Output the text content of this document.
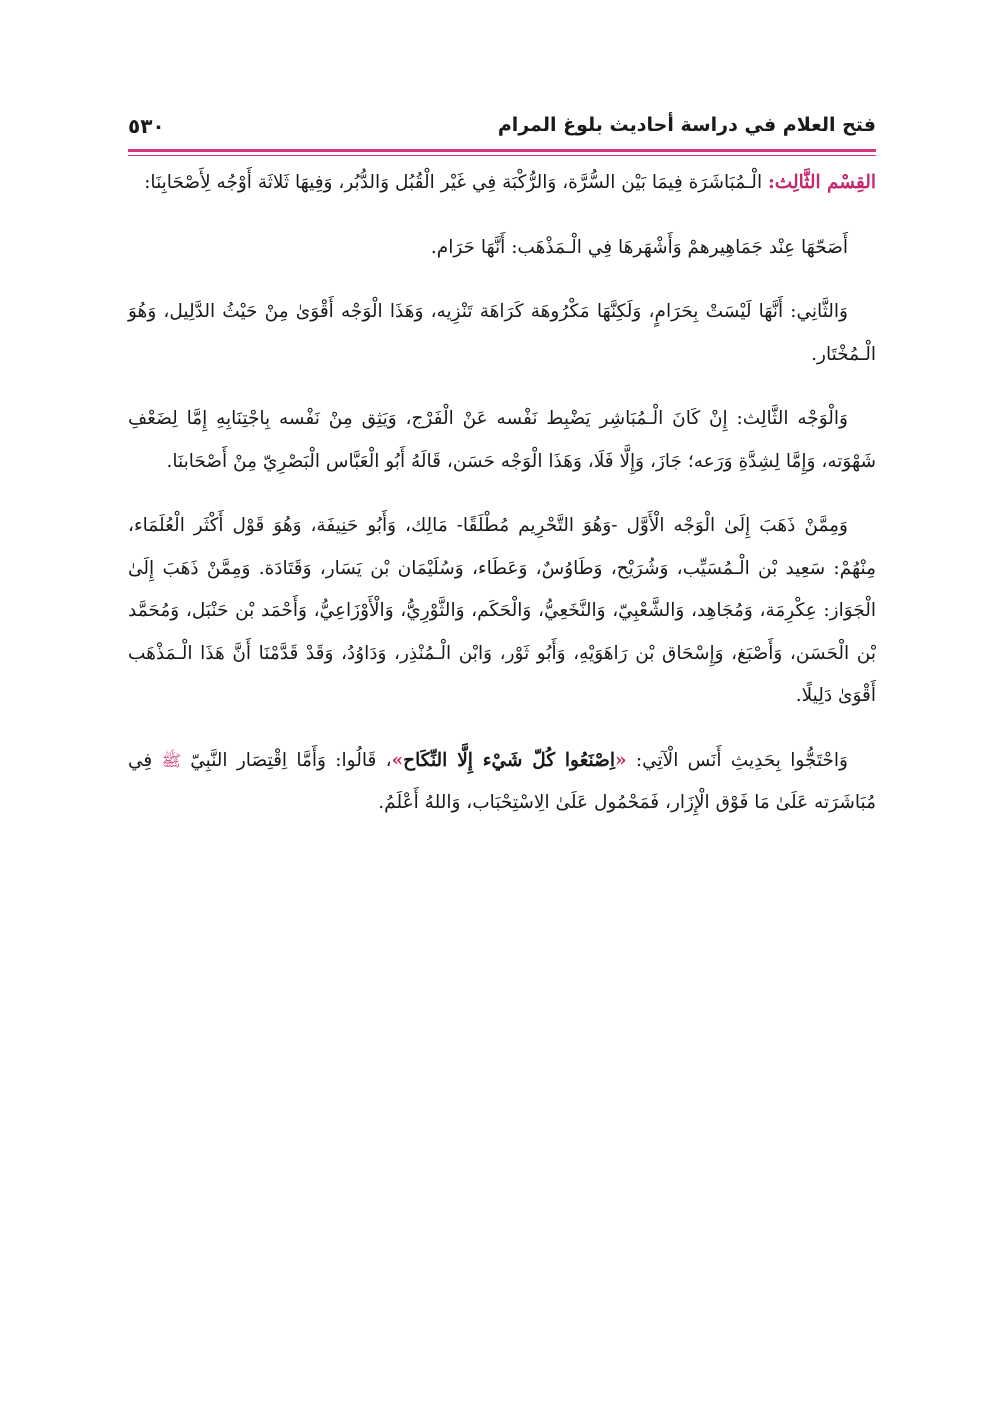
فتح العلام في دراسة أحاديث بلوغ المرام
٥٣٠

القِسْم الثَّالِث: الْـمُبَاشَرَة فِيمَا بَيْن السُّرَّة، وَالرُّكْبَة فِي غَيْر الْقُبُل وَالدُّبُر، وَفِيهَا ثَلاثَة أَوْجُه لِأَصْحَابِنَا:

أَصَحّهَا عِنْد جَمَاهِيرهمْ وَأَشْهَرهَا فِي الْـمَذْهَب: أَنَّهَا حَرَام.

وَالثَّانِي: أَنَّهَا لَيْسَتْ بِحَرَامٍ، وَلَكِنَّهَا مَكْرُوهَة كَرَاهَة تَنْزِيه، وَهَذَا الْوَجْه أَقْوَىٰ مِنْ حَيْثُ الدَّلِيل، وَهُوَ الْـمُخْتَار.

وَالْوَجْه الثَّالِث: إِنْ كَانَ الْـمُبَاشِر يَضْبِط نَفْسه عَنْ الْفَرْج، وَيَثِق مِنْ نَفْسه بِاجْتِنَابِهِ إِمَّا لِضَعْفِ شَهْوَته، وَإِمَّا لِشِدَّةِ وَرَعه؛ جَازَ، وَإِلَّا فَلَا، وَهَذَا الْوَجْه حَسَن، قَالَهُ أَبُو الْعَبَّاس الْبَصْرِيّ مِنْ أَصْحَابنَا.

وَمِمَّنْ ذَهَبَ إِلَىٰ الْوَجْه الْأَوَّل -وَهُوَ التَّحْرِيم مُطْلَقًا- مَالِك، وَأَبُو حَنِيفَة، وَهُوَ قَوْل أَكْثَر الْعُلَمَاء، مِنْهُمْ: سَعِيد بْن الْـمُسَيِّب، وَشُرَيْح، وَطَاوُسٌ، وَعَطَاء، وَسُلَيْمَان بْن يَسَار، وَقَتَادَة. وَمِمَّنْ ذَهَبَ إِلَىٰ الْجَوَاز: عِكْرِمَة، وَمُجَاهِد، وَالشَّعْبِيّ، وَالنَّخَعِيُّ، وَالْحَكَم، وَالثَّوْرِيُّ، وَالْأَوْزَاعِيُّ، وَأَحْمَد بْن حَنْبَل، وَمُحَمَّد بْن الْحَسَن، وَأَصْبَغ، وَإِسْحَاق بْن رَاهَوَيْهِ، وَأَبُو ثَوْر، وَابْن الْـمُنْذِر، وَدَاوُدُ، وَقَدْ قَدَّمْنَا أَنَّ هَذَا الْـمَذْهَب أَقْوَىٰ دَلِيلًا.

وَاحْتَجُّوا بِحَدِيثِ أَنَس الْآتِي: «اِصْنَعُوا كُلّ شَيْء إِلَّا النِّكَاح»، قَالُوا: وَأَمَّا اِقْتِصَار النَّبِيّ ﷺ فِي مُبَاشَرَته عَلَىٰ مَا فَوْق الْإِزَار، فَمَحْمُول عَلَىٰ الِاسْتِحْبَاب، وَاللهُ أَعْلَمُ.
